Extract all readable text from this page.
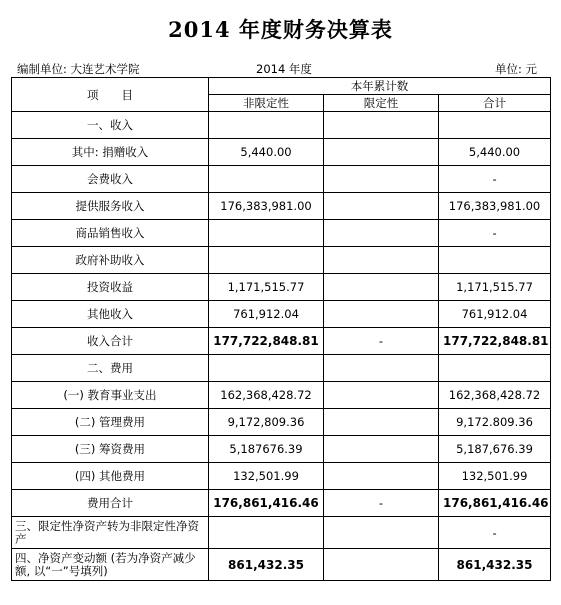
2014 年度财务决算表
编制单位: 大连艺术学院	2014 年度	单位: 元
项　　目	本年累计数		
	非限定性	限定性	合计
一、收入			
其中: 捐赠收入	5,440.00		5,440.00
会费收入			-
提供服务收入	176,383,981.00		176,383,981.00
商品销售收入			-
政府补助收入			
投资收益	1,171,515.77		1,171,515.77
其他收入	761,912.04		761,912.04
收入合计	177,722,848.81	-	177,722,848.81
二、费用			
(一) 教育事业支出	162,368,428.72		162,368,428.72
(二) 管理费用	9,172,809.36		9,172.809.36
(三) 筹资费用	5,187676.39		5,187,676.39
(四) 其他费用	132,501.99		132,501.99
费用合计	176,861,416.46	-	176,861,416.46
三、限定性净资产转为非限定性净资产			-
四、净资产变动额 (若为净资产减少额, 以“一”号填列)	861,432.35		861,432.35
